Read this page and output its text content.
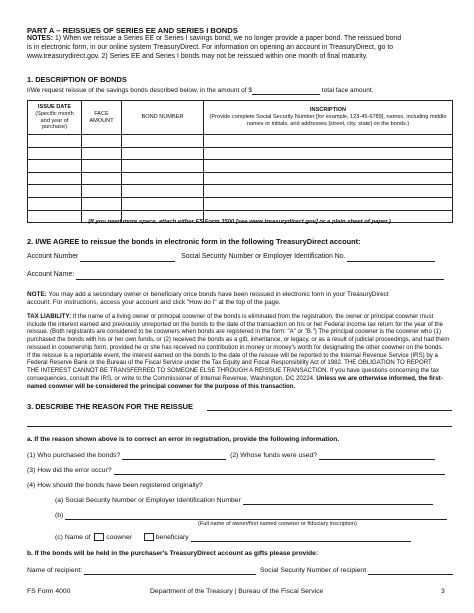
PART A – REISSUES OF SERIES EE AND SERIES I BONDS
NOTES: 1) When we reissue a Series EE or Series I savings bond, we no longer provide a paper bond. The reissued bond
is in electronic form, in our online system TreasuryDirect. For information on opening an account in TreasuryDirect, go to
www.treasurydirect.gov. 2) Series EE and Series I bonds may not be reissued within one month of final maturity.
1. DESCRIPTION OF BONDS
I/We request reissue of the savings bonds described below, in the amount of $	total face amount.
ISSUE DATE
(Specific month and year of purchase)	FACE AMOUNT	BOND NUMBER	INSCRIPTION
(Provide complete Social Security Number [for example, 123-45-6789], names, including middle names or initials, and addresses [street, city, state] on the bonds.)

(If you need more space, attach either FS Form 3500 [see www.treasurydirect.gov] or a plain sheet of paper.)
2. I/WE AGREE to reissue the bonds in electronic form in the following TreasuryDirect account:
Account Number	Social Security Number or Employer Identification No.
Account Name:
NOTE: You may add a secondary owner or beneficiary once bonds have been reissued in electronic form in your TreasuryDirect
account. For instructions, access your account and click "How do I" at the top of the page.
TAX LIABILITY: If the name of a living owner or principal coowner of the bonds is eliminated from the registration, the owner or principal coowner must
include the interest earned and previously unreported on the bonds to the date of the transaction on his or her Federal income tax return for the year of the
reissue. (Both registrants are considered to be coowners when bonds are registered in the form: "A" or "B.") The principal coowner is the coowner who (1)
purchased the bonds with his or her own funds, or (2) received the bonds as a gift, inheritance, or legacy, or as a result of judicial proceedings, and had them
reissued in coownership form, provided he or she has received no contribution in money or money's worth for designating the other coowner on the bonds.
If the reissue is a reportable event, the interest earned on the bonds to the date of the reissue will be reported to the Internal Revenue Service (IRS) by a
Federal Reserve Bank or the Bureau of the Fiscal Service under the Tax Equity and Fiscal Responsibility Act of 1982. THE OBLIGATION TO REPORT
THE INTEREST CANNOT BE TRANSFERRED TO SOMEONE ELSE THROUGH A REISSUE TRANSACTION. If you have questions concerning the tax
consequences, consult the IRS, or write to the Commissioner of Internal Revenue, Washington, DC 20224. Unless we are otherwise informed, the first-
named coowner will be considered the principal coowner for the purpose of this transaction.
3. DESCRIBE THE REASON FOR THE REISSUE
a. If the reason shown above is to correct an error in registration, provide the following information.
(1) Who purchased the bonds?	(2) Whose funds were used?
(3) How did the error occur?
(4) How should the bonds have been registered originally?
(a) Social Security Number or Employer Identification Number
(b)
(Full name of owner/first named coowner or fiduciary inscription)
(c) Name of coowner	beneficiary
b. If the bonds will be held in the purchaser's TreasuryDirect account as gifts please provide:
Name of recipient:	Social Security Number of recipient
FS Form 4000	Department of the Treasury | Bureau of the Fiscal Service	3
